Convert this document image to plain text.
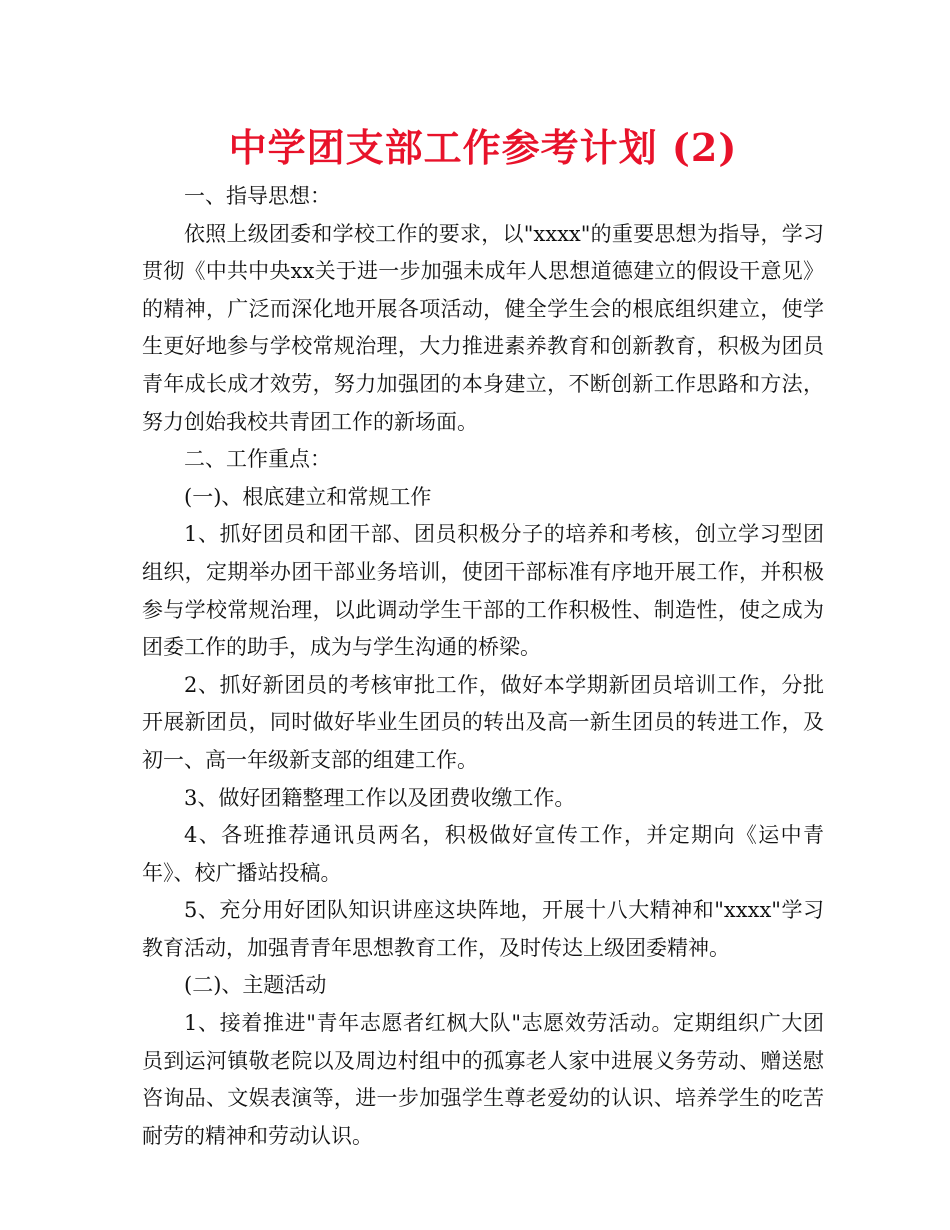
中学团支部工作参考计划 (2)

一、指导思想：

依照上级团委和学校工作的要求，以"xxxx"的重要思想为指导，学习贯彻《中共中央xx关于进一步加强未成年人思想道德建立的假设干意见》的精神，广泛而深化地开展各项活动，健全学生会的根底组织建立，使学生更好地参与学校常规治理，大力推进素养教育和创新教育，积极为团员青年成长成才效劳，努力加强团的本身建立，不断创新工作思路和方法，努力创始我校共青团工作的新场面。

二、工作重点：

(一)、根底建立和常规工作

1、抓好团员和团干部、团员积极分子的培养和考核，创立学习型团组织，定期举办团干部业务培训，使团干部标准有序地开展工作，并积极参与学校常规治理，以此调动学生干部的工作积极性、制造性，使之成为团委工作的助手，成为与学生沟通的桥梁。

2、抓好新团员的考核审批工作，做好本学期新团员培训工作，分批开展新团员，同时做好毕业生团员的转出及高一新生团员的转进工作，及初一、高一年级新支部的组建工作。

3、做好团籍整理工作以及团费收缴工作。

4、各班推荐通讯员两名，积极做好宣传工作，并定期向《运中青年》、校广播站投稿。

5、充分用好团队知识讲座这块阵地，开展十八大精神和"xxxx"学习教育活动，加强青青年思想教育工作，及时传达上级团委精神。

(二)、主题活动

1、接着推进"青年志愿者红枫大队"志愿效劳活动。定期组织广大团员到运河镇敬老院以及周边村组中的孤寡老人家中进展义务劳动、赠送慰咨询品、文娱表演等，进一步加强学生尊老爱幼的认识、培养学生的吃苦耐劳的精神和劳动认识。
